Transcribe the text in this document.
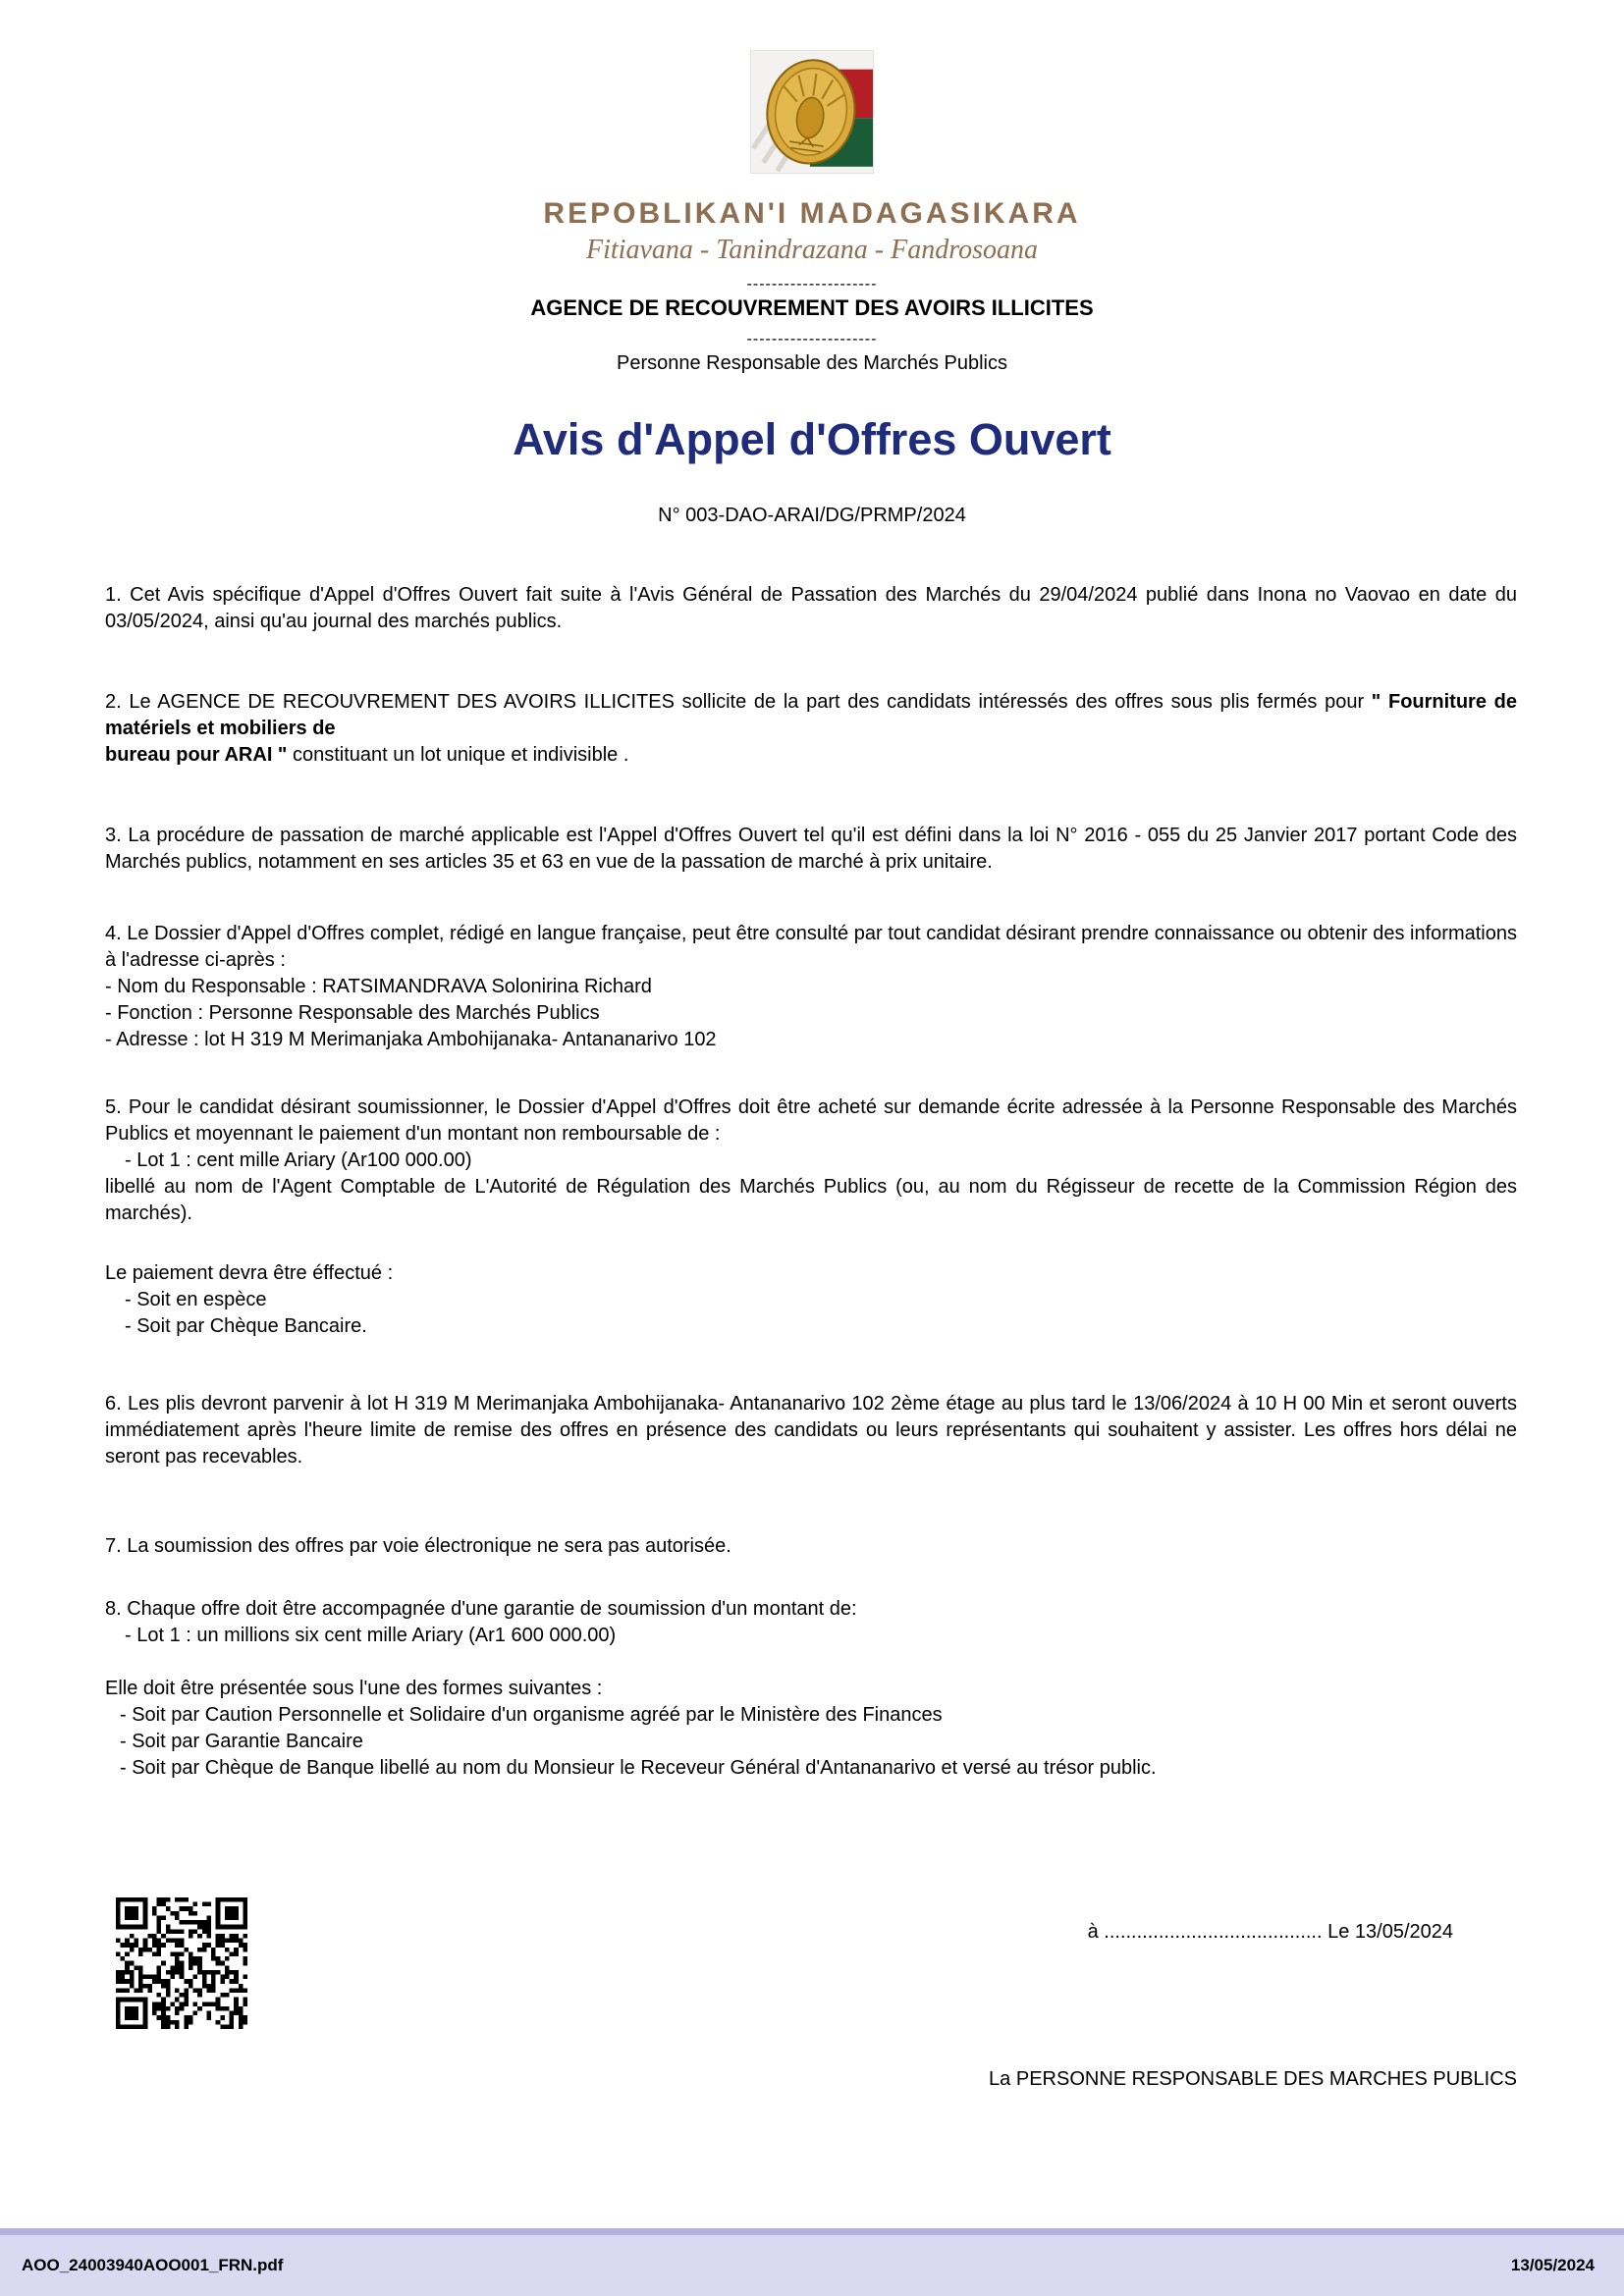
REPOBLIKAN'I MADAGASIKARA
Fitiavana - Tanindrazana - Fandrosoana
---------------------
AGENCE DE RECOUVREMENT DES AVOIRS ILLICITES
---------------------
Personne Responsable des Marchés Publics
Avis d'Appel d'Offres Ouvert
N° 003-DAO-ARAI/DG/PRMP/2024

1. Cet Avis spécifique d'Appel d'Offres Ouvert fait suite à l'Avis Général de Passation des Marchés du 29/04/2024 publié dans Inona no Vaovao en date du 03/05/2024, ainsi qu'au journal des marchés publics.

2. Le AGENCE DE RECOUVREMENT DES AVOIRS ILLICITES sollicite de la part des candidats intéressés des offres sous plis fermés pour " Fourniture de matériels et mobiliers de
bureau pour ARAI " constituant un lot unique et indivisible .

3. La procédure de passation de marché applicable est l'Appel d'Offres Ouvert tel qu'il est défini dans la loi N° 2016 - 055 du 25 Janvier 2017 portant Code des Marchés publics, notamment en ses articles 35 et 63 en vue de la passation de marché à prix unitaire.

4. Le Dossier d'Appel d'Offres complet, rédigé en langue française, peut être consulté par tout candidat désirant prendre connaissance ou obtenir des informations à l'adresse ci-après :
- Nom du Responsable : RATSIMANDRAVA Solonirina Richard
- Fonction : Personne Responsable des Marchés Publics
- Adresse : lot H 319 M Merimanjaka Ambohijanaka- Antananarivo 102
5. Pour le candidat désirant soumissionner, le Dossier d'Appel d'Offres doit être acheté sur demande écrite adressée à la Personne Responsable des Marchés Publics et moyennant le paiement d'un montant non remboursable de :
- Lot 1 : cent mille Ariary (Ar100 000.00)
libellé au nom de l'Agent Comptable de L'Autorité de Régulation des Marchés Publics (ou, au nom du Régisseur de recette de la Commission Région des marchés).
Le paiement devra être éffectué :
- Soit en espèce
- Soit par Chèque Bancaire.

6. Les plis devront parvenir à lot H 319 M Merimanjaka Ambohijanaka- Antananarivo 102 2ème étage au plus tard le 13/06/2024 à 10 H 00 Min et seront ouverts immédiatement après l'heure limite de remise des offres en présence des candidats ou leurs représentants qui souhaitent y assister. Les offres hors délai ne seront pas recevables.

7. La soumission des offres par voie électronique ne sera pas autorisée.

8. Chaque offre doit être accompagnée d'une garantie de soumission d'un montant de:
- Lot 1 : un millions six cent mille Ariary (Ar1 600 000.00)
Elle doit être présentée sous l'une des formes suivantes :
- Soit par Caution Personnelle et Solidaire d'un organisme agréé par le Ministère des Finances
- Soit par Garantie Bancaire
- Soit par Chèque de Banque libellé au nom du Monsieur le Receveur Général d'Antananarivo et versé au trésor public.
à ........................................ Le 13/05/2024
La PERSONNE RESPONSABLE DES MARCHES PUBLICS
AOO_24003940AOO001_FRN.pdf	13/05/2024
